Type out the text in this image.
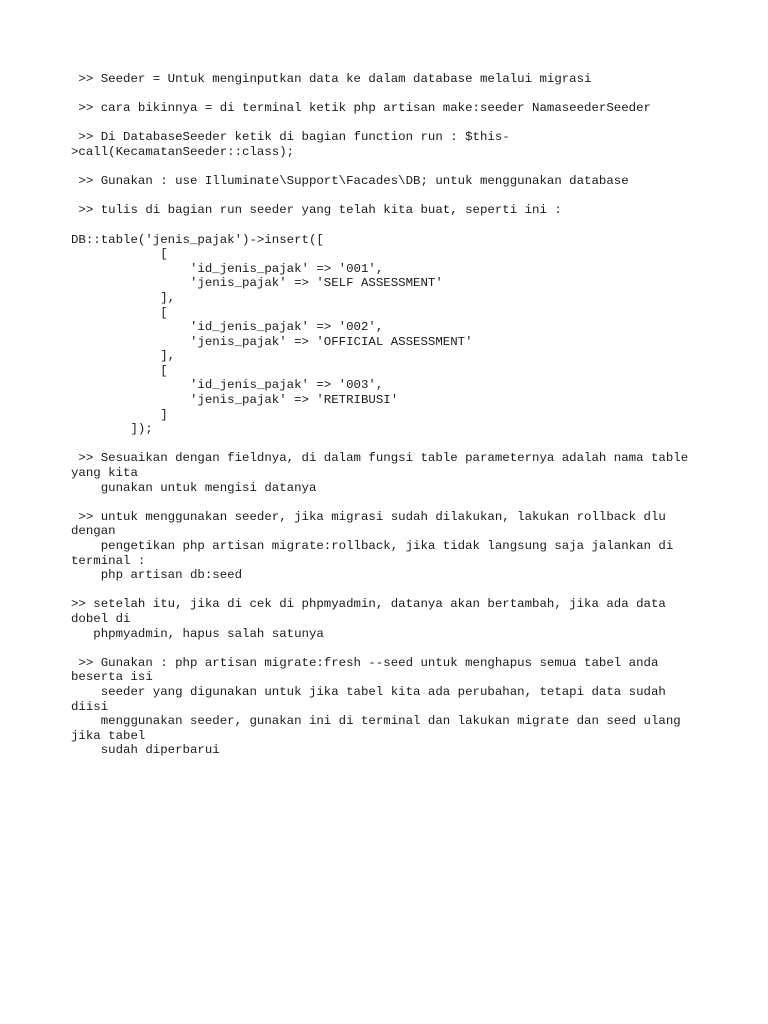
>> Seeder = Untuk menginputkan data ke dalam database melalui migrasi
>> cara bikinnya = di terminal ketik php artisan make:seeder NamaseederSeeder
>> Di DatabaseSeeder ketik di bagian function run : $this-
>call(KecamatanSeeder::class);
>> Gunakan : use Illuminate\Support\Facades\DB; untuk menggunakan database
>> tulis di bagian run seeder yang telah kita buat, seperti ini :
DB::table('jenis_pajak')->insert([
[
'id_jenis_pajak' => '001',
'jenis_pajak' => 'SELF ASSESSMENT'
],
[
'id_jenis_pajak' => '002',
'jenis_pajak' => 'OFFICIAL ASSESSMENT'
],
[
'id_jenis_pajak' => '003',
'jenis_pajak' => 'RETRIBUSI'
]
]);
>> Sesuaikan dengan fieldnya, di dalam fungsi table parameternya adalah nama table
yang kita
gunakan untuk mengisi datanya
>> untuk menggunakan seeder, jika migrasi sudah dilakukan, lakukan rollback dlu
dengan
pengetikan php artisan migrate:rollback, jika tidak langsung saja jalankan di
terminal :
php artisan db:seed
>> setelah itu, jika di cek di phpmyadmin, datanya akan bertambah, jika ada data
dobel di
phpmyadmin, hapus salah satunya
>> Gunakan : php artisan migrate:fresh --seed untuk menghapus semua tabel anda
beserta isi
seeder yang digunakan untuk jika tabel kita ada perubahan, tetapi data sudah
diisi
menggunakan seeder, gunakan ini di terminal dan lakukan migrate dan seed ulang
jika tabel
sudah diperbarui
